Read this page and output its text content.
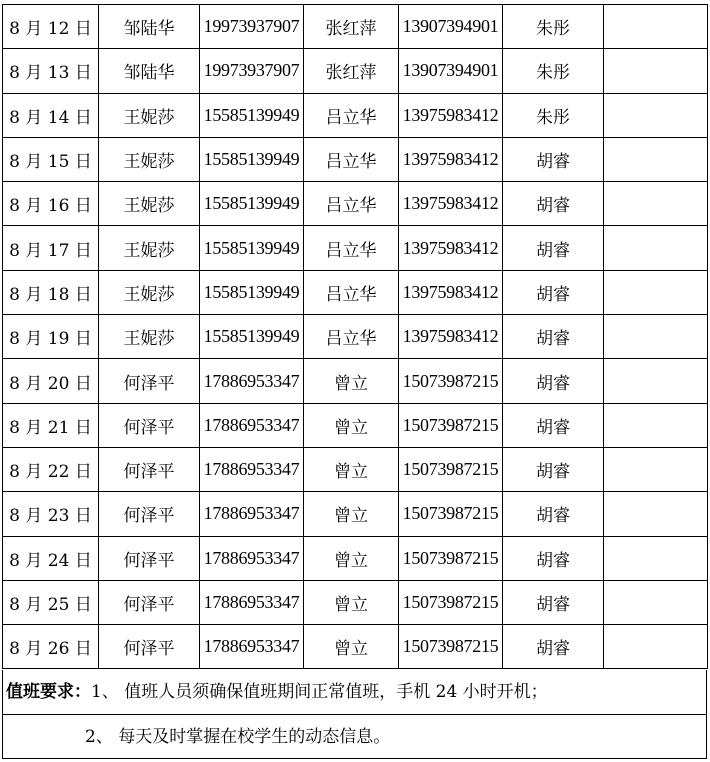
8 月 12 日	邹陆华	19973937907	张红萍	13907394901	朱彤	
8 月 13 日	邹陆华	19973937907	张红萍	13907394901	朱彤	
8 月 14 日	王妮莎	15585139949	吕立华	13975983412	朱彤	
8 月 15 日	王妮莎	15585139949	吕立华	13975983412	胡睿	
8 月 16 日	王妮莎	15585139949	吕立华	13975983412	胡睿	
8 月 17 日	王妮莎	15585139949	吕立华	13975983412	胡睿	
8 月 18 日	王妮莎	15585139949	吕立华	13975983412	胡睿	
8 月 19 日	王妮莎	15585139949	吕立华	13975983412	胡睿	
8 月 20 日	何泽平	17886953347	曾立	15073987215	胡睿	
8 月 21 日	何泽平	17886953347	曾立	15073987215	胡睿	
8 月 22 日	何泽平	17886953347	曾立	15073987215	胡睿	
8 月 23 日	何泽平	17886953347	曾立	15073987215	胡睿	
8 月 24 日	何泽平	17886953347	曾立	15073987215	胡睿	
8 月 25 日	何泽平	17886953347	曾立	15073987215	胡睿	
8 月 26 日	何泽平	17886953347	曾立	15073987215	胡睿	
值班要求：1、 值班人员须确保值班期间正常值班，手机 24 小时开机；
2、 每天及时掌握在校学生的动态信息。
